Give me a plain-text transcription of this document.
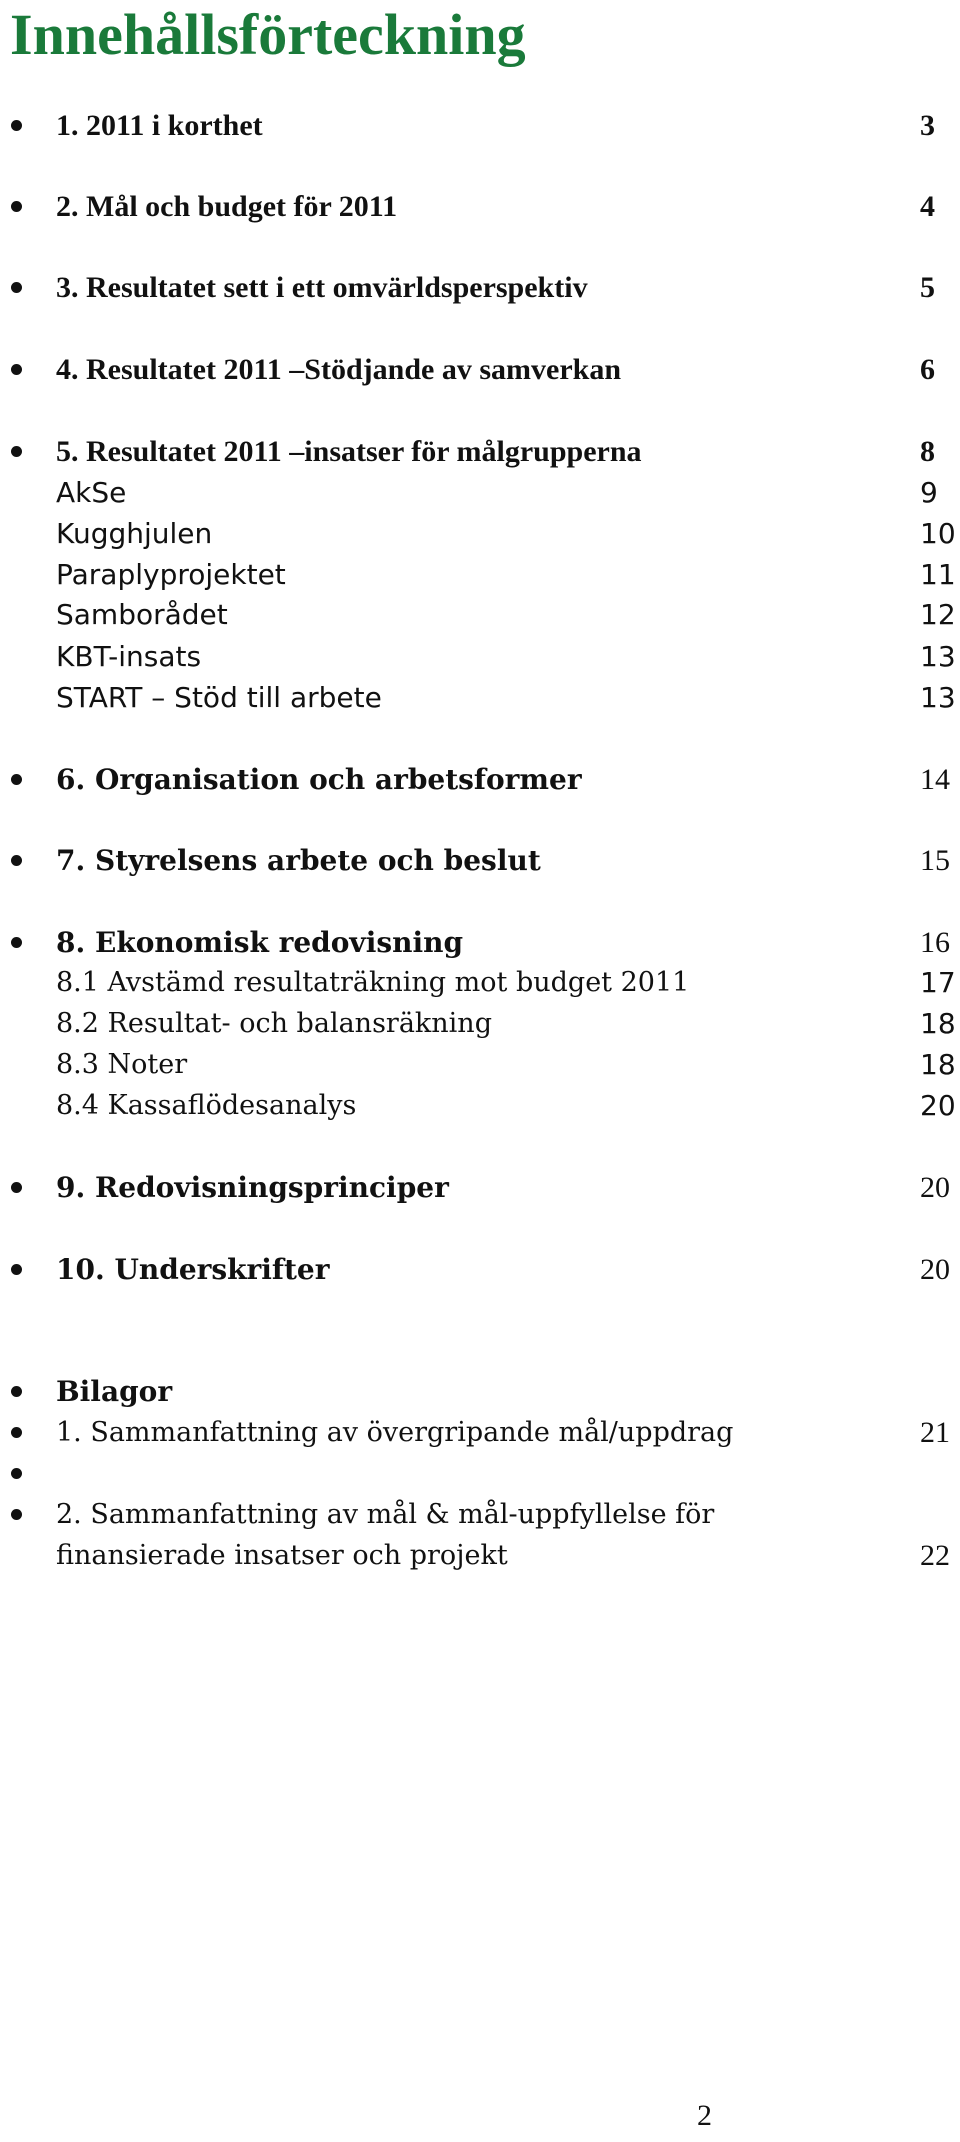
Innehållsförteckning
1. 2011 i korthet	3
2. Mål och budget för 2011	4
3. Resultatet sett i ett omvärldsperspektiv	5
4. Resultatet 2011 –Stödjande av samverkan	6
5. Resultatet 2011 –insatser för målgrupperna	8
AkSe	9
Kugghjulen	10
Paraplyprojektet	11
Samborådet	12
KBT-insats	13
START – Stöd till arbete	13
6. Organisation och arbetsformer	14
7. Styrelsens arbete och beslut	15
8. Ekonomisk redovisning	16
8.1 Avstämd resultaträkning mot budget 2011	17
8.2 Resultat- och balansräkning	18
8.3 Noter	18
8.4 Kassaflödesanalys	20
9. Redovisningsprinciper	20
10. Underskrifter	20
Bilagor
1. Sammanfattning av övergripande mål/uppdrag	21
2. Sammanfattning av mål & mål-uppfyllelse för
finansierade insatser och projekt	22
2
